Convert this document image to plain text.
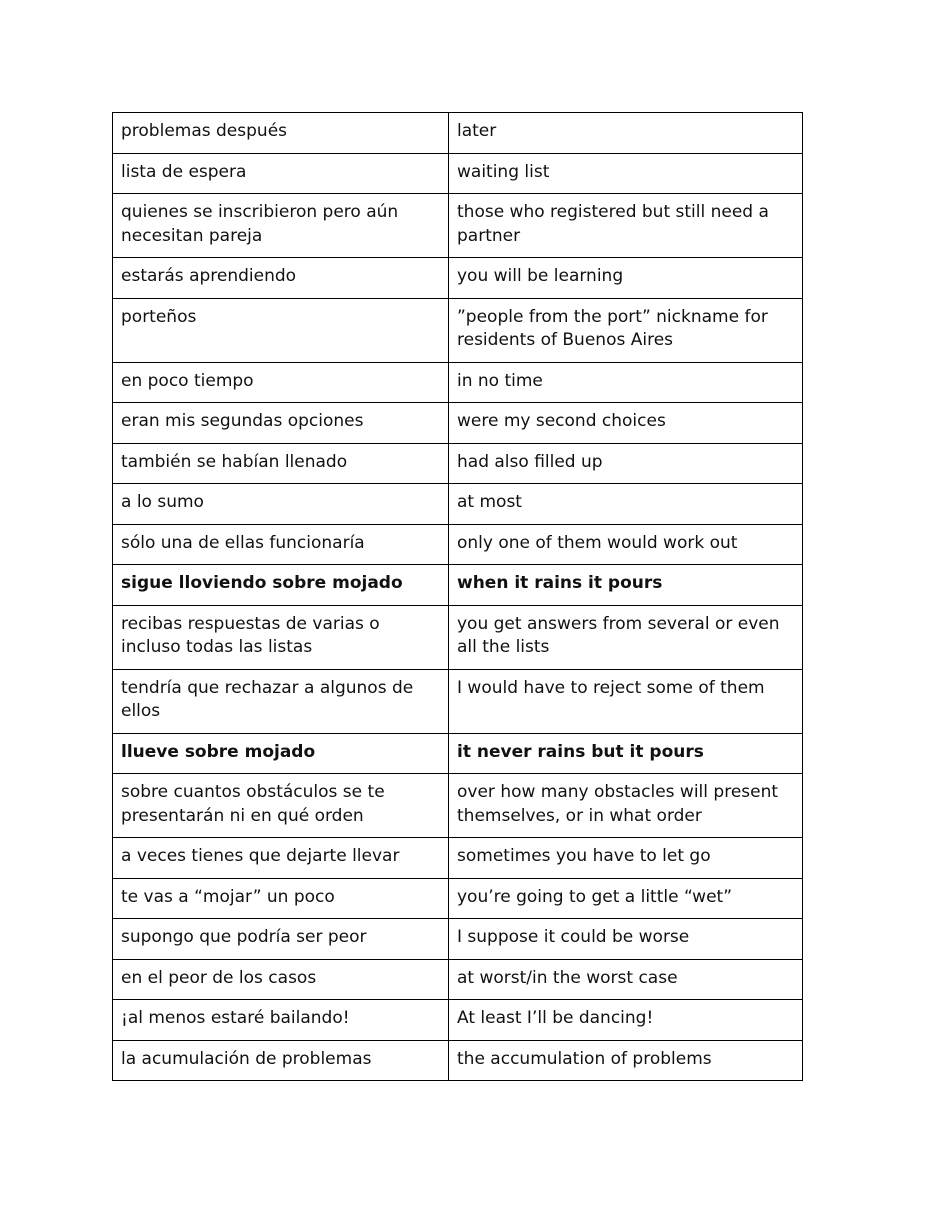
problemas después	later
lista de espera	waiting list
quienes se inscribieron pero aún necesitan pareja	those who registered but still need a partner
estarás aprendiendo	you will be learning
porteños	”people from the port” nickname for residents of Buenos Aires
en poco tiempo	in no time
eran mis segundas opciones	were my second choices
también se habían llenado	had also filled up
a lo sumo	at most
sólo una de ellas funcionaría	only one of them would work out
sigue lloviendo sobre mojado	when it rains it pours
recibas respuestas de varias o incluso todas las listas	you get answers from several or even all the lists
tendría que rechazar a algunos de ellos	I would have to reject some of them
llueve sobre mojado	it never rains but it pours
sobre cuantos obstáculos se te presentarán ni en qué orden	over how many obstacles will present themselves, or in what order
a veces tienes que dejarte llevar	sometimes you have to let go
te vas a “mojar” un poco	you’re going to get a little “wet”
supongo que podría ser peor	I suppose it could be worse
en el peor de los casos	at worst/in the worst case
¡al menos estaré bailando!	At least I’ll be dancing!
la acumulación de problemas	the accumulation of problems
